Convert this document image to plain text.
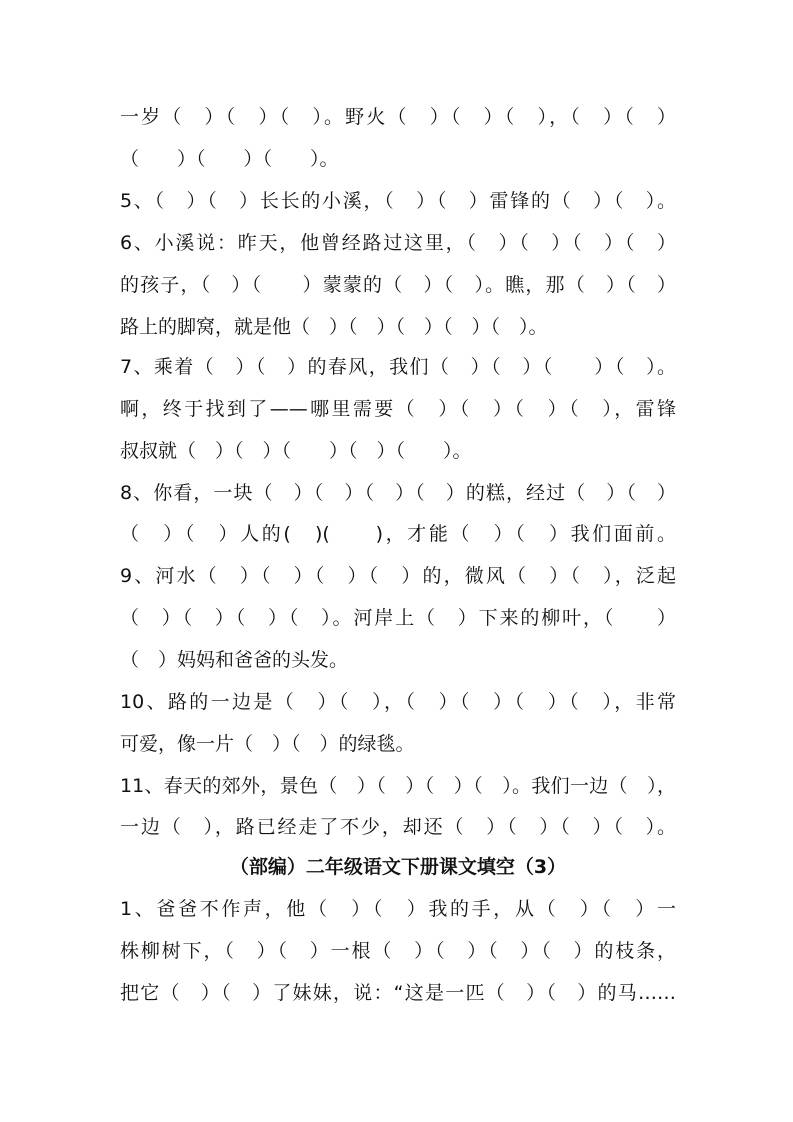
一岁（　）（　）（　）。野火（　）（　）（　），（　）（　）
（　　）（　　）（　　）。
5、（　）（　）长长的小溪，（　）（　）雷锋的（　）（　）。
6、小溪说：昨天，他曾经路过这里，（　）（　）（　）（　）
的孩子，（　）（　　）蒙蒙的（　）（　）。瞧，那（　）（　）
路上的脚窝，就是他（　）（　）（　）（　）（　）。
7、乘着（　）（　）的春风，我们（　）（　）（　　）（　）。
啊，终于找到了——哪里需要（　）（　）（　）（　），雷锋
叔叔就（　）（　）（　　）（　）（　　）。
8、你看，一块（　）（　）（　）（　）的糕，经过（　）（　）
（　）（　）人的(　)(　　)，才能（　）（　）我们面前。
9、河水（　）（　）（　）（　）的，微风（　）（　），泛起
（　）（　）（　）（　）。河岸上（　）下来的柳叶，（　　）
（　）妈妈和爸爸的头发。
10、路的一边是（　）（　），（　）（　）（　）（　），非常
可爱，像一片（　）（　）的绿毯。
11、春天的郊外，景色（　）（　）（　）（　）。我们一边（　），
一边（　），路已经走了不少，却还（　）（　）（　）（　）。
（部编）二年级语文下册课文填空（3）
1、爸爸不作声，他（　）（　）我的手，从（　）（　）一
株柳树下，（　）（　）一根（　）（　）（　）（　）的枝条，
把它（　）（　）了妹妹，说：“这是一匹（　）（　）的马……
